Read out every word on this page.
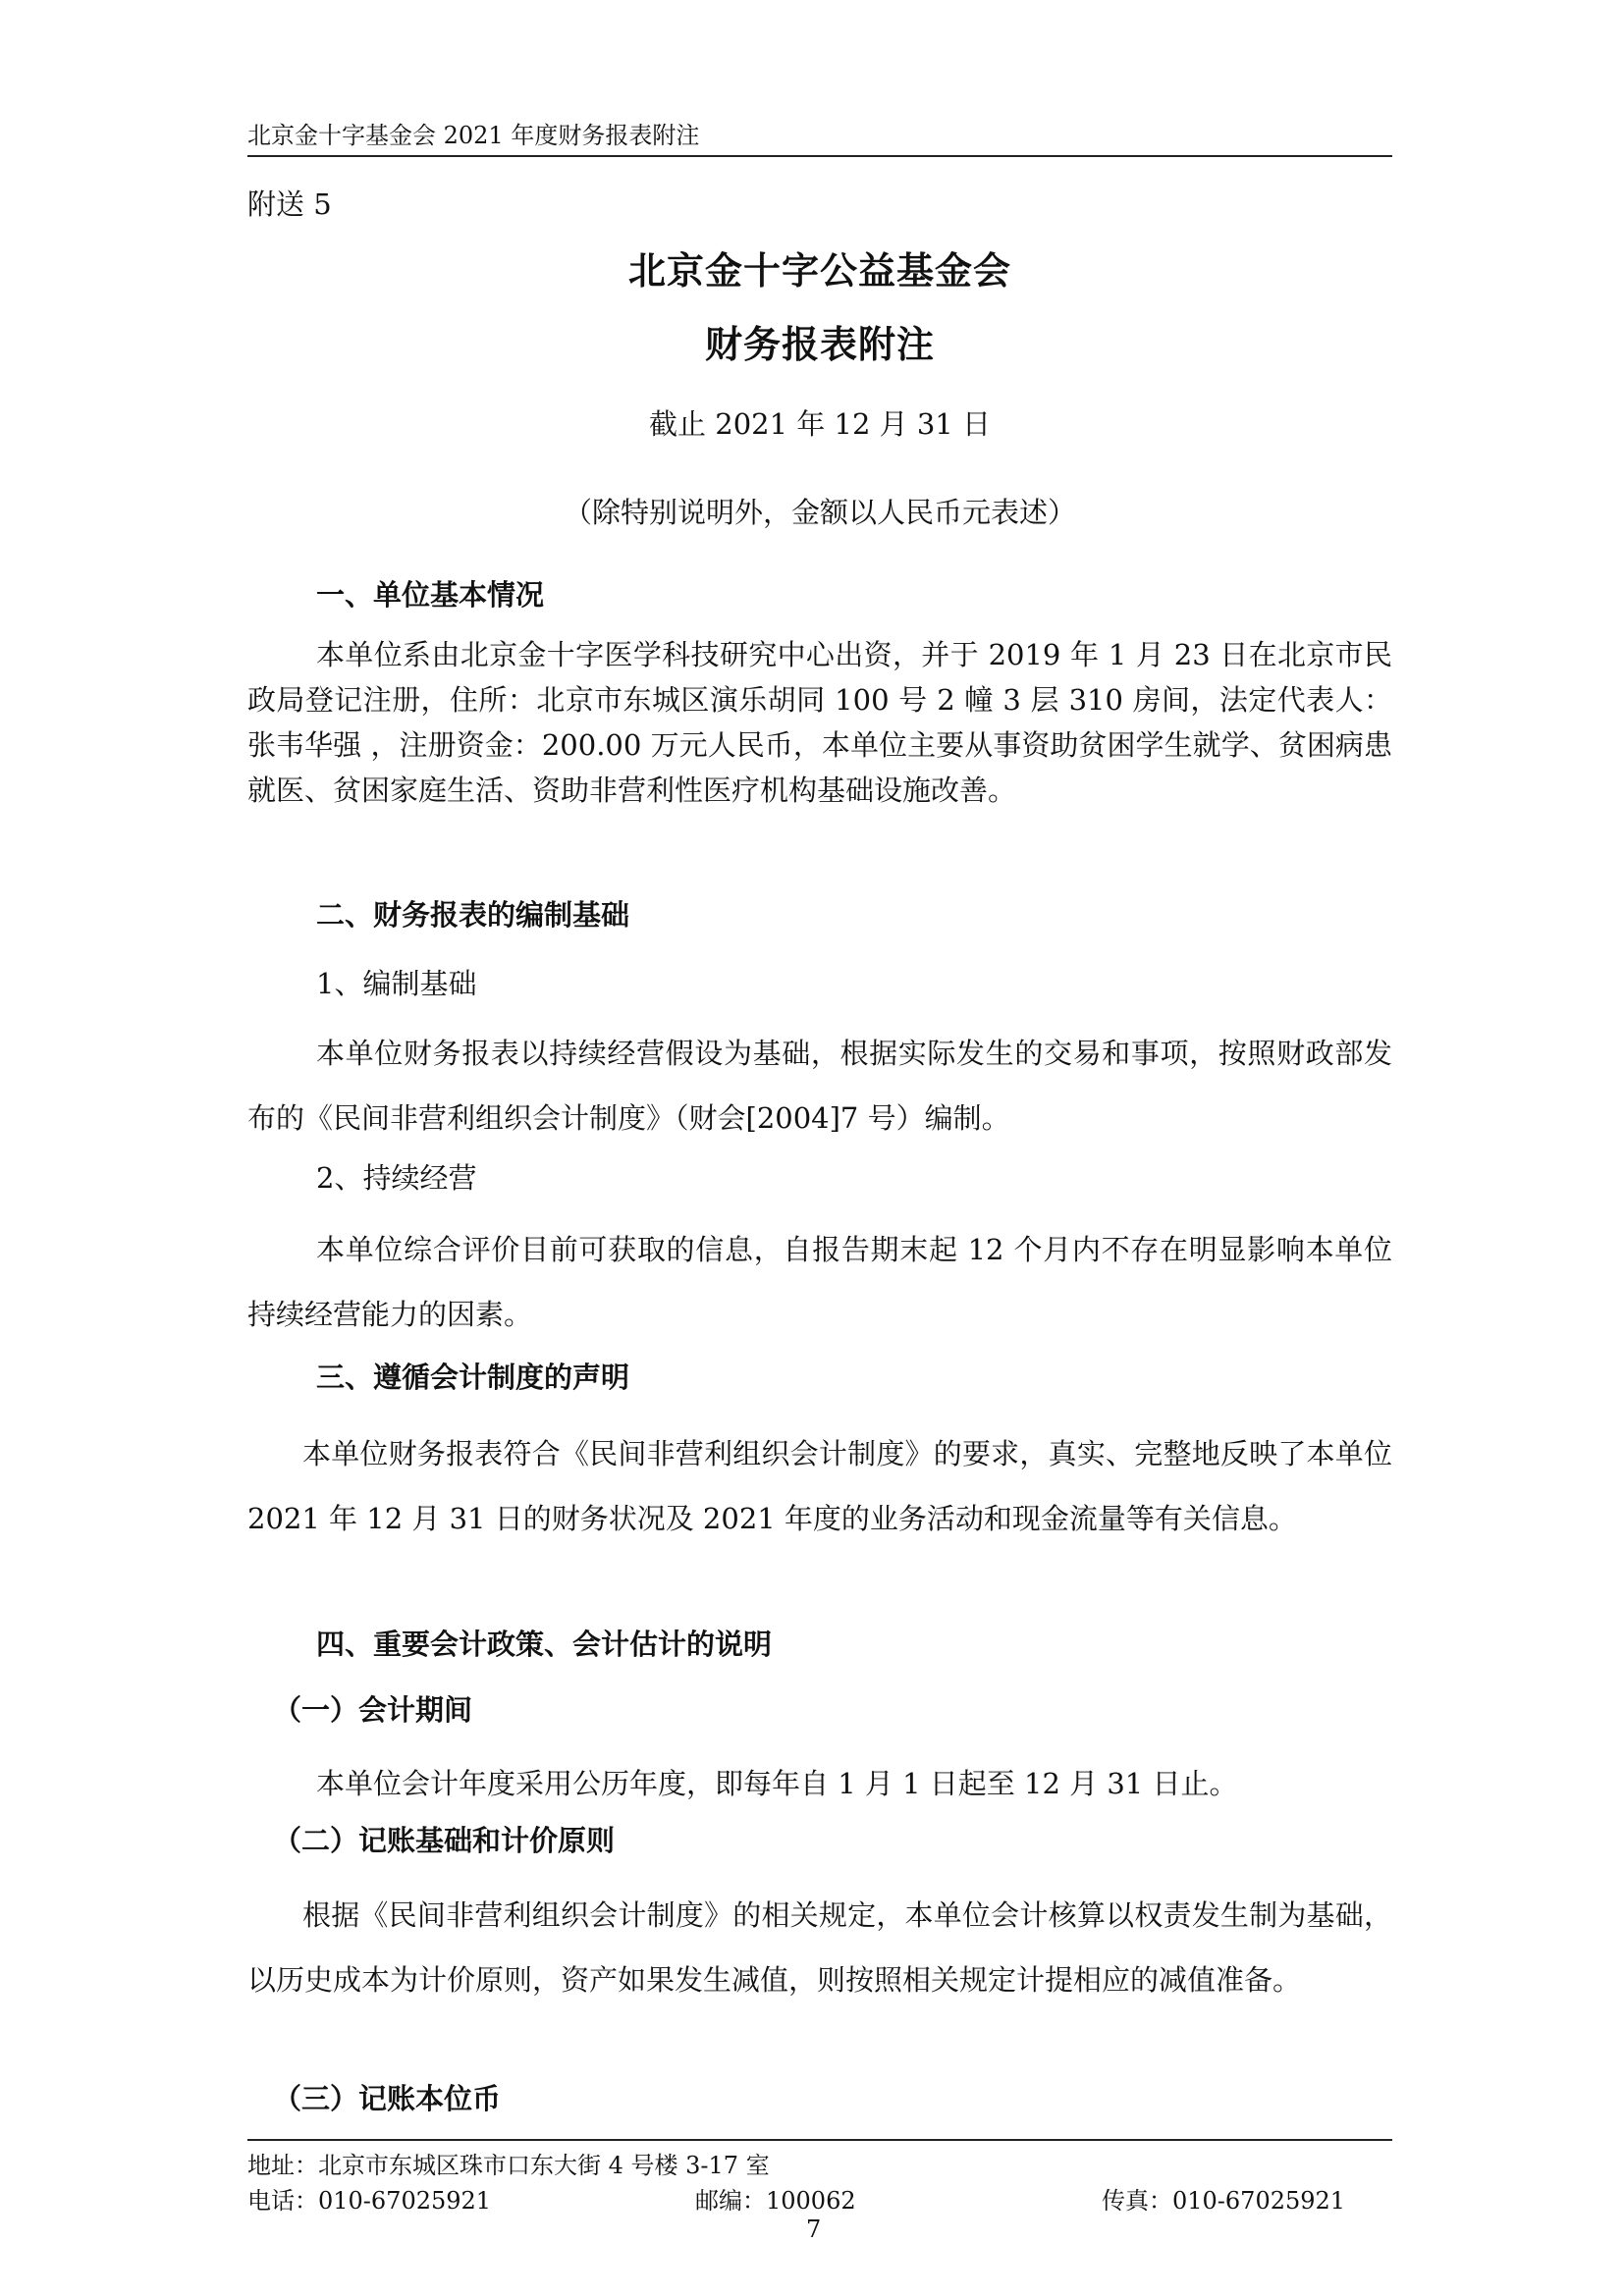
北京金十字基金会 2021 年度财务报表附注
附送 5
北京金十字公益基金会
财务报表附注
截止 2021 年 12 月 31 日
（除特别说明外，金额以人民币元表述）
一、单位基本情况

本单位系由北京金十字医学科技研究中心出资，并于 2019 年 1 月 23 日在北京市民政局登记注册，住所：北京市东城区演乐胡同 100 号 2 幢 3 层 310 房间，法定代表人：张韦华强 ，注册资金：200.00 万元人民币，本单位主要从事资助贫困学生就学、贫困病患就医、贫困家庭生活、资助非营利性医疗机构基础设施改善。

二、财务报表的编制基础
1、编制基础

本单位财务报表以持续经营假设为基础，根据实际发生的交易和事项，按照财政部发布的《民间非营利组织会计制度》（财会[2004]7 号）编制。

2、持续经营

本单位综合评价目前可获取的信息，自报告期末起 12 个月内不存在明显影响本单位持续经营能力的因素。

三、遵循会计制度的声明

本单位财务报表符合《民间非营利组织会计制度》的要求，真实、完整地反映了本单位 2021 年 12 月 31 日的财务状况及 2021 年度的业务活动和现金流量等有关信息。

四、重要会计政策、会计估计的说明
（一）会计期间

本单位会计年度采用公历年度，即每年自 1 月 1 日起至 12 月 31 日止。

（二）记账基础和计价原则

根据《民间非营利组织会计制度》的相关规定，本单位会计核算以权责发生制为基础，以历史成本为计价原则，资产如果发生减值，则按照相关规定计提相应的减值准备。

（三）记账本位币
地址：北京市东城区珠市口东大街 4 号楼 3-17 室
电话：010-67025921	邮编：100062	传真：010-67025921
7
